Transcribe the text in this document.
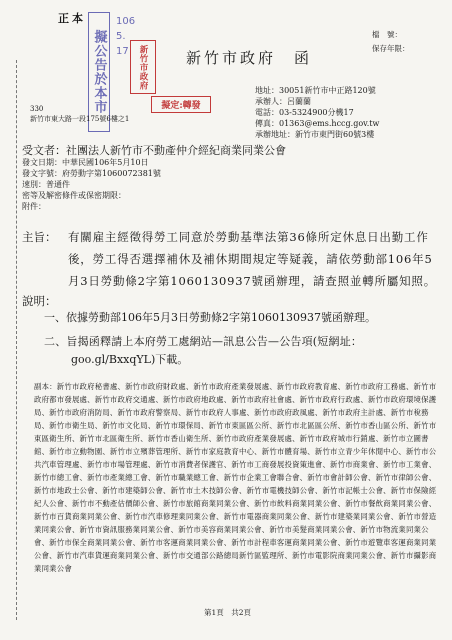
正本
檔　號：
保存年限：
新竹市政府　函
擬公告於本市
106
5.
17	新竹市政府
擬定:轉發
330
新竹市東大路一段175號6樓之1
地址：30051新竹市中正路120號
承辦人：呂蘭蘭
電話：03-5324900分機17
傳真：01363@ems.hccg.gov.tw
承辦地址：新竹市東門街60號3樓
受文者：社團法人新竹市不動產仲介經紀商業同業公會
發文日期：中華民國106年5月10日
發文字號：府勞動字第1060072381號
速別：普通件
密等及解密條件或保密期限：
附件：
主旨： 有關雇主經徵得勞工同意於勞動基準法第36條所定休息日出勤工作後，勞工得否選擇補休及補休期間規定等疑義，請依勞動部106年5月3日勞動條2字第1060130937號函辦理，請查照並轉所屬知照。
說明：
一、依據勞動部106年5月3日勞動條2字第1060130937號函辦理。
二、旨揭函釋請上本府勞工處網站—訊息公告—公告項(短網址：
goo.gl/BxxqYL)下載。
副本：新竹市政府秘書處、新竹市政府財政處、新竹市政府產業發展處、新竹市政府教育處、新竹市政府工務處、新竹市政府都市發展處、新竹市政府交通處、新竹市政府地政處、新竹市政府社會處、新竹市政府行政處、新竹市政府環境保護局、新竹市政府消防局、新竹市政府警察局、新竹市政府人事處、新竹市政府政風處、新竹市政府主計處、新竹市稅務局、新竹市衛生局、新竹市文化局、新竹市環保局、新竹市東區區公所、新竹市北區區公所、新竹市香山區公所、新竹市東區衛生所、新竹市北區衛生所、新竹市香山衛生所、新竹市政府產業發展處、新竹市政府城市行銷處、新竹市立圖書館、新竹市立動物園、新竹市立殯葬管理所、新竹市家庭教育中心、新竹市體育場、新竹市立青少年休閒中心、新竹市公共汽車管理處、新竹市市場管理處、新竹市消費者保護官、新竹市工商發展投資策進會、新竹市商業會、新竹市工業會、新竹市總工會、新竹市產業總工會、新竹市職業總工會、新竹市企業工會聯合會、新竹市會計師公會、新竹市律師公會、新竹市地政士公會、新竹市建築師公會、新竹市土木技師公會、新竹市電機技師公會、新竹市記帳士公會、新竹市保險經紀人公會、新竹市不動產估價師公會、新竹市旅館商業同業公會、新竹市飲料商業同業公會、新竹市餐飲商業同業公會、新竹市百貨商業同業公會、新竹市汽車修理業同業公會、新竹市電器商業同業公會、新竹市建築業同業公會、新竹市營造業同業公會、新竹市資訊服務業同業公會、新竹市美容商業同業公會、新竹市美髮商業同業公會、新竹市物流業同業公會、新竹市保全商業同業公會、新竹市客運商業同業公會、新竹市計程車客運商業同業公會、新竹市遊覽車客運商業同業公會、新竹市汽車貨運商業同業公會、新竹市交通部公路總局新竹區監理所、新竹市電影院商業同業公會、新竹市攝影商業同業公會
第1頁　共2頁
